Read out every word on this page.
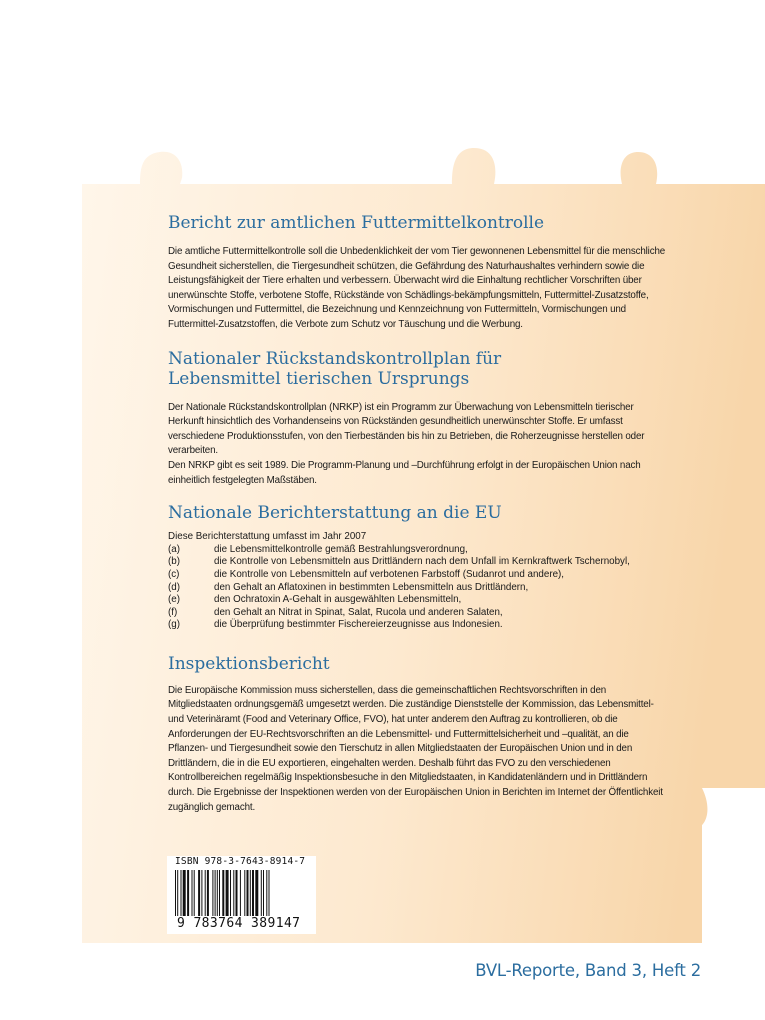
Bericht zur amtlichen Futtermittelkontrolle

Die amtliche Futtermittelkontrolle soll die Unbedenklichkeit der vom Tier gewonnenen Lebensmittel für die menschliche Gesundheit sicherstellen, die Tiergesundheit schützen, die Gefährdung des Naturhaushaltes verhindern sowie die Leistungsfähigkeit der Tiere erhalten und verbessern. Überwacht wird die Einhaltung rechtlicher Vorschriften über unerwünschte Stoffe, verbotene Stoffe, Rückstände von Schädlings-bekämpfungsmitteln, Futtermittel-Zusatzstoffe, Vormischungen und Futtermittel, die Bezeichnung und Kennzeichnung von Futtermitteln, Vormischungen und Futtermittel-Zusatzstoffen, die Verbote zum Schutz vor Täuschung und die Werbung.

Nationaler Rückstandskontrollplan für
Lebensmittel tierischen Ursprungs

Der Nationale Rückstandskontrollplan (NRKP) ist ein Programm zur Überwachung von Lebensmitteln tierischer Herkunft hinsichtlich des Vorhandenseins von Rückständen gesundheitlich unerwünschter Stoffe. Er umfasst verschiedene Produktionsstufen, von den Tierbeständen bis hin zu Betrieben, die Roherzeugnisse herstellen oder verarbeiten.

Den NRKP gibt es seit 1989. Die Programm-Planung und –Durchführung erfolgt in der Europäischen Union nach einheitlich festgelegten Maßstäben.

Nationale Berichterstattung an die EU

Diese Berichterstattung umfasst im Jahr 2007

(a)	die Lebensmittelkontrolle gemäß Bestrahlungsverordnung,
(b)	die Kontrolle von Lebensmitteln aus Drittländern nach dem Unfall im Kernkraftwerk Tschernobyl,
(c)	die Kontrolle von Lebensmitteln auf verbotenen Farbstoff (Sudanrot und andere),
(d)	den Gehalt an Aflatoxinen in bestimmten Lebensmitteln aus Drittländern,
(e)	den Ochratoxin A-Gehalt in ausgewählten Lebensmitteln,
(f)	den Gehalt an Nitrat in Spinat, Salat, Rucola und anderen Salaten,
(g)	die Überprüfung bestimmter Fischereierzeugnisse aus Indonesien.
Inspektionsbericht

Die Europäische Kommission muss sicherstellen, dass die gemeinschaftlichen Rechtsvorschriften in den Mitgliedstaaten ordnungsgemäß umgesetzt werden. Die zuständige Dienststelle der Kommission, das Lebensmittel- und Veterinäramt (Food and Veterinary Office, FVO), hat unter anderem den Auftrag zu kontrollieren, ob die Anforderungen der EU-Rechtsvorschriften an die Lebensmittel- und Futtermittelsicherheit und –qualität, an die Pflanzen- und Tiergesundheit sowie den Tierschutz in allen Mitgliedstaaten der Europäischen Union und in den Drittländern, die in die EU exportieren, eingehalten werden. Deshalb führt das FVO zu den verschiedenen Kontrollbereichen regelmäßig Inspektionsbesuche in den Mitgliedstaaten, in Kandidatenländern und in Drittländern durch. Die Ergebnisse der Inspektionen werden von der Europäischen Union in Berichten im Internet der Öffentlichkeit zugänglich gemacht.

ISBN 978-3-7643-8914-7
9 783764 389147
BVL-Reporte, Band 3, Heft 2
